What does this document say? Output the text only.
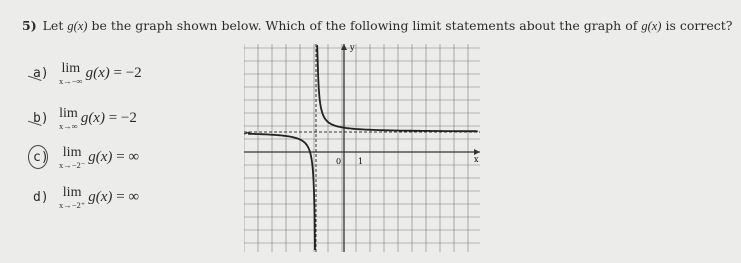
5) Let g(x) be the graph shown below. Which of the following limit statements about the graph of g(x) is correct?
a) lim
x→−∞ g(x) = −2
b) lim
x→∞ g(x) = −2
c)	lim
x→−2⁻ g(x) = ∞
d)	lim
x→−2⁺ g(x) = ∞
y
x
0 1
